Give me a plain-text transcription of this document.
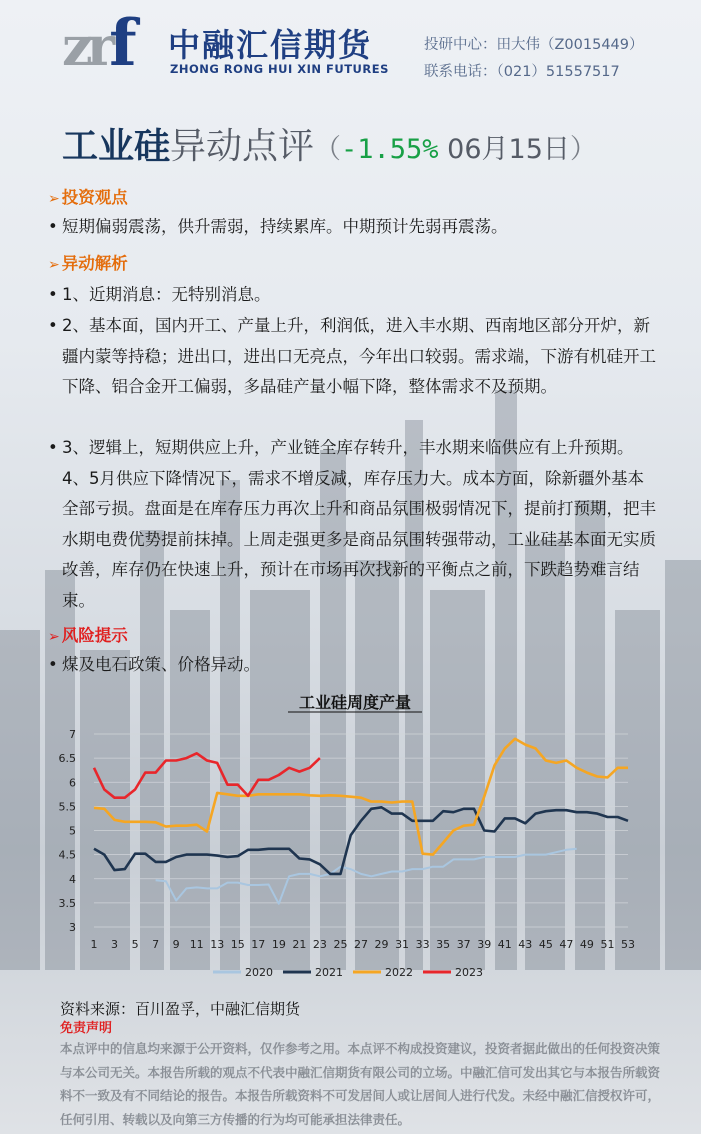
zrf 中融汇信期货
ZHONG RONG HUI XIN FUTURES
投研中心：田大伟（Z0015449）
联系电话：（021）51557517
工业硅异动点评（-1.55% 06月15日）
➢ 投资观点
• 短期偏弱震荡，供升需弱，持续累库。中期预计先弱再震荡。
➢ 异动解析
• 1、近期消息：无特别消息。
• 2、基本面，国内开工、产量上升，利润低，进入丰水期、西南地区部分开炉，新疆内蒙等持稳；进出口，进出口无亮点，今年出口较弱。需求端，下游有机硅开工下降、铝合金开工偏弱，多晶硅产量小幅下降，整体需求不及预期。
• 3、逻辑上，短期供应上升，产业链全库存转升，丰水期来临供应有上升预期。4、5月供应下降情况下，需求不增反减，库存压力大。成本方面，除新疆外基本全部亏损。盘面是在库存压力再次上升和商品氛围极弱情况下，提前打预期，把丰水期电费优势提前抹掉。上周走强更多是商品氛围转强带动，工业硅基本面无实质改善，库存仍在快速上升，预计在市场再次找新的平衡点之前，下跌趋势难言结束。
➢ 风险提示
• 煤及电石政策、价格异动。
工业硅周度产量
3
3.5
4
4.5
5
5.5
6
6.5
7
1 3 5 7 9 11 13 15 17 19 21 23 25 27 29 31 33 35 37 39 41 43 45 47 49 51 53
2020	2021	2022	2023
资料来源：百川盈孚，中融汇信期货
免责声明
本点评中的信息均来源于公开资料，仅作参考之用。本点评不构成投资建议，投资者据此做出的任何投资决策与本公司无关。本报告所载的观点不代表中融汇信期货有限公司的立场。中融汇信可发出其它与本报告所载资料不一致及有不同结论的报告。本报告所载资料不可发居间人或让居间人进行代发。未经中融汇信授权许可，任何引用、转载以及向第三方传播的行为均可能承担法律责任。
